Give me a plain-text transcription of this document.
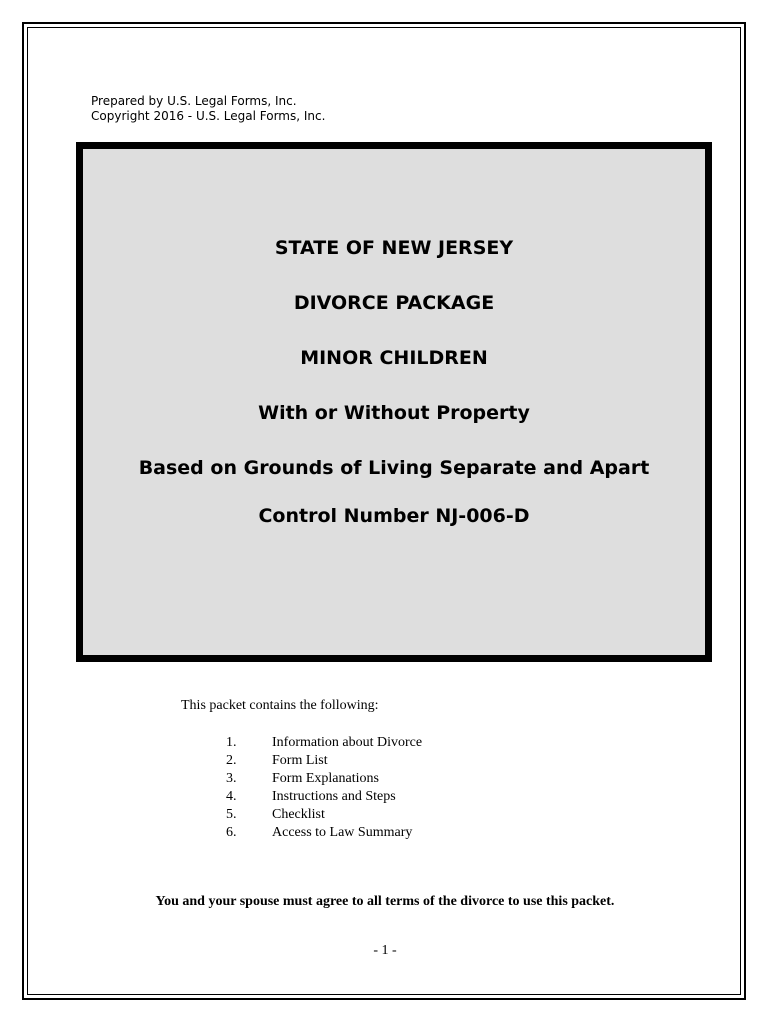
Prepared by U.S. Legal Forms, Inc.
Copyright 2016 - U.S. Legal Forms, Inc.
STATE OF NEW JERSEY
DIVORCE PACKAGE
MINOR CHILDREN
With or Without Property
Based on Grounds of Living Separate and Apart
Control Number NJ-006-D
This packet contains the following:
1.	Information about Divorce
2.	Form List
3.	Form Explanations
4.	Instructions and Steps
5.	Checklist
6.	Access to Law Summary
You and your spouse must agree to all terms of the divorce to use this packet.
- 1 -
